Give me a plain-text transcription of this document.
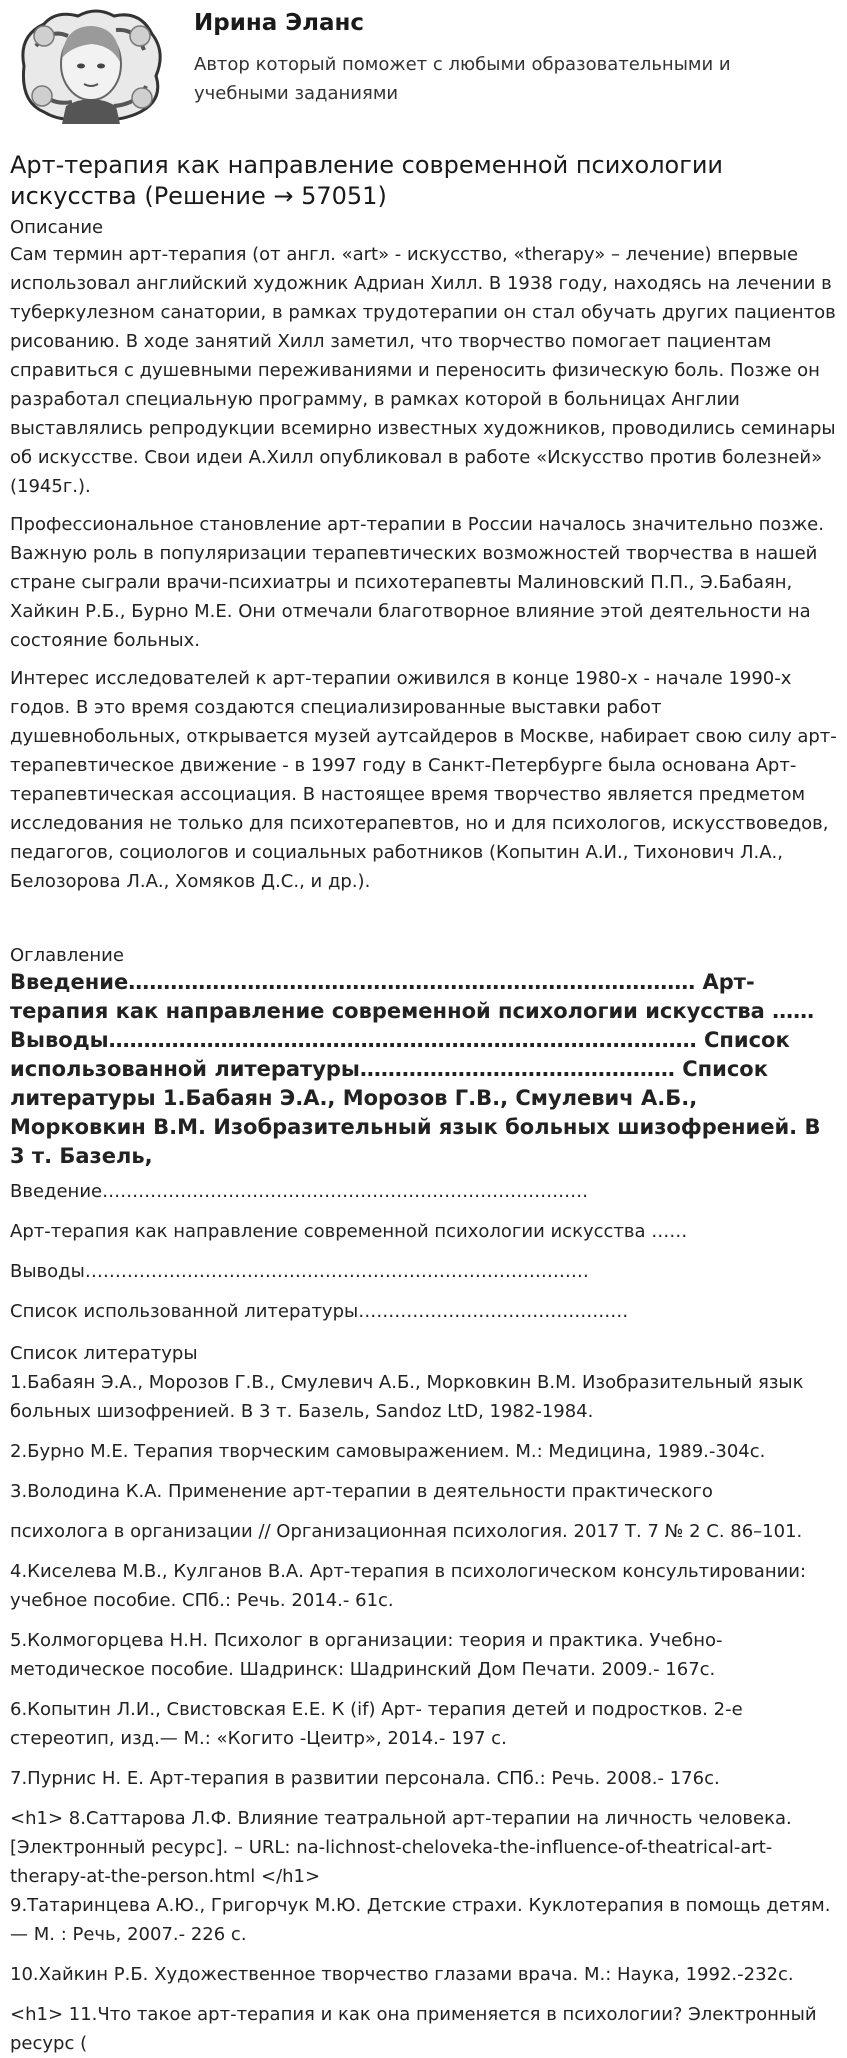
Ирина Эланс
Автор который поможет с любыми образовательными и учебными заданиями
Арт-терапия как направление современной психологии искусства (Решение → 57051)
Описание

Сам термин арт-терапия (от англ. «art» - искусство, «therapy» – лечение) впервые использовал английский художник Адриан Хилл. В 1938 году, находясь на лечении в туберкулезном санатории, в рамках трудотерапии он стал обучать других пациентов рисованию. В ходе занятий Хилл заметил, что творчество помогает пациентам справиться с душевными переживаниями и переносить физическую боль. Позже он разработал специальную программу, в рамках которой в больницах Англии выставлялись репродукции всемирно известных художников, проводились семинары об искусстве. Свои идеи А.Хилл опубликовал в работе «Искусство против болезней» (1945г.).

Профессиональное становление арт-терапии в России началось значительно позже. Важную роль в популяризации терапевтических возможностей творчества в нашей стране сыграли врачи-психиатры и психотерапевты Малиновский П.П., Э.Бабаян, Хайкин Р.Б., Бурно М.Е. Они отмечали благотворное влияние этой деятельности на состояние больных.

Интерес исследователей к арт-терапии оживился в конце 1980-х - начале 1990-х годов. В это время создаются специализированные выставки работ душевнобольных, открывается музей аутсайдеров в Москве, набирает свою силу арт-терапевтическое движение - в 1997 году в Санкт-Петербурге была основана Арт-терапевтическая ассоциация. В настоящее время творчество является предметом исследования не только для психотерапевтов, но и для психологов, искусствоведов, педагогов, социологов и социальных работников (Копытин А.И., Тихонович Л.А., Белозорова Л.А., Хомяков Д.С., и др.).

Оглавление

Введение……………………………………………………………………… Арт-терапия как направление современной психологии искусства …… Выводы………………………………………………………………………… Список использованной литературы……………………………………… Список литературы 1.Бабаян Э.А., Морозов Г.В., Смулевич А.Б., Морковкин В.М. Изобразительный язык больных шизофренией. В 3 т. Базель,

Введение………………………………………………………………………

Арт-терапия как направление современной психологии искусства ……

Выводы…………………………………………………………………………

Список использованной литературы………………………………………

Список литературы

1.Бабаян Э.А., Морозов Г.В., Смулевич А.Б., Морковкин В.М. Изобразительный язык больных шизофренией. В 3 т. Базель, Sandoz LtD, 1982-1984.

2.Бурно М.Е. Терапия творческим самовыражением. М.: Медицина, 1989.-304с.

3.Володина К.А. Применение арт-терапии в деятельности практического

психолога в организации // Организационная психология. 2017 Т. 7 № 2 С. 86–101.

4.Киселева М.В., Кулганов В.А. Арт-терапия в психологическом консультировании: учебное пособие. СПб.: Речь. 2014.- 61с.

5.Колмогорцева Н.Н. Психолог в организации: теория и практика. Учебно-методическое пособие. Шадринск: Шадринский Дом Печати. 2009.- 167с.

6.Копытин Л.И., Свистовская Е.Е. К (if) Арт- терапия детей и подростков. 2-е стереотип, изд.— М.: «Когито -Цеитр», 2014.- 197 с.

7.Пурнис Н. Е. Арт-терапия в развитии персонала. СПб.: Речь. 2008.- 176с.

<h1> 8.Саттарова Л.Ф. Влияние театральной арт-терапии на личность человека. [Электронный ресурс]. – URL: na-lichnost-cheloveka-the-influence-of-theatrical-art-therapy-at-the-person.html </h1>

9.Татаринцева А.Ю., Григорчук М.Ю. Детские страхи. Куклотерапия в помощь детям. — М. : Речь, 2007.- 226 с.

10.Хайкин Р.Б. Художественное творчество глазами врача. М.: Наука, 1992.-232с.

<h1> 11.Что такое арт-терапия и как она применяется в психологии? Электронный ресурс (
